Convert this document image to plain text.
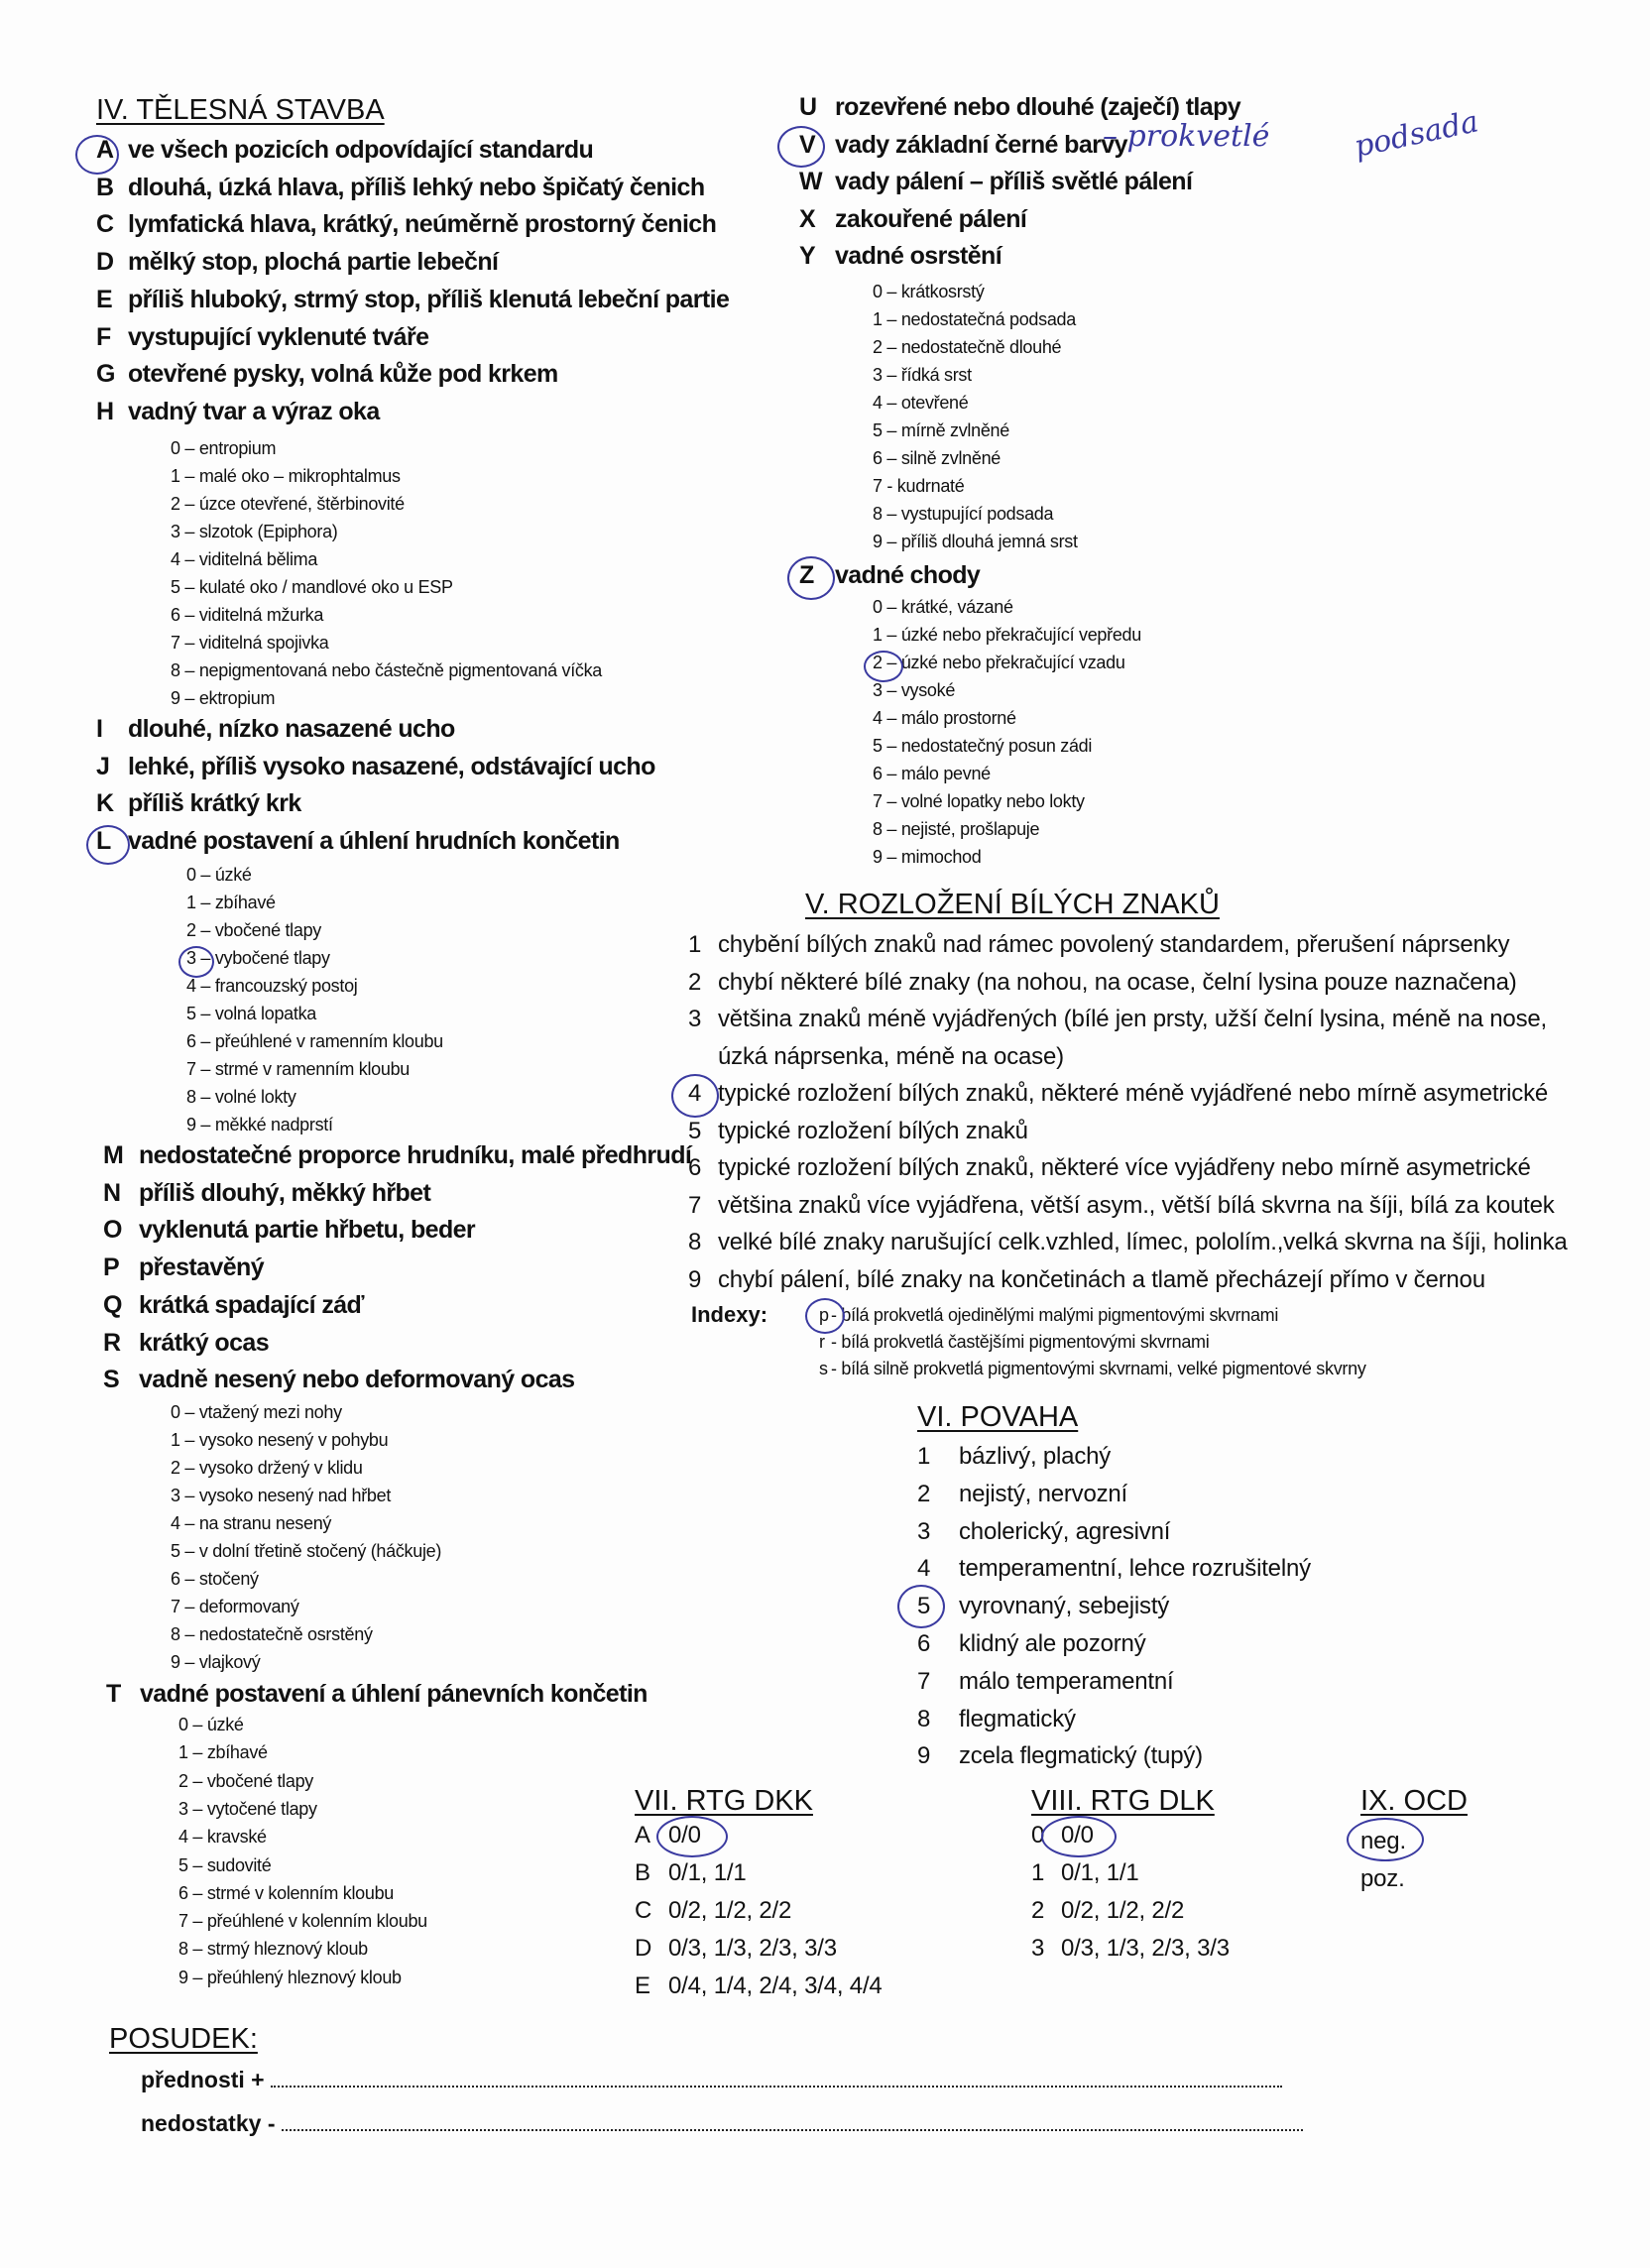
IV. TĚLESNÁ STAVBA
A ve všech pozicích odpovídající standardu
B dlouhá, úzká hlava, příliš lehký nebo špičatý čenich
C lymfatická hlava, krátký, neúměrně prostorný čenich
D mělký stop, plochá partie lebeční
E příliš hluboký, strmý stop, příliš klenutá lebeční partie
F vystupující vyklenuté tváře
G otevřené pysky, volná kůže pod krkem
H vadný tvar a výraz oka
0 – entropium
1 – malé oko – mikrophtalmus
2 – úzce otevřené, štěrbinovité
3 – slzotok (Epiphora)
4 – viditelná bělima
5 – kulaté oko / mandlové oko u ESP
6 – viditelná mžurka
7 – viditelná spojivka
8 – nepigmentovaná nebo částečně pigmentovaná víčka
9 – ektropium
I dlouhé, nízko nasazené ucho
J lehké, příliš vysoko nasazené, odstávající ucho
K příliš krátký krk
L vadné postavení a úhlení hrudních končetin
0 – úzké
1 – zbíhavé
2 – vbočené tlapy
3 – vybočené tlapy
4 – francouzský postoj
5 – volná lopatka
6 – přeúhlené v ramenním kloubu
7 – strmé v ramenním kloubu
8 – volné lokty
9 – měkké nadprstí
M nedostatečné proporce hrudníku, malé předhrudí
N příliš dlouhý, měkký hřbet
O vyklenutá partie hřbetu, beder
P přestavěný
Q krátká spadající záď
R krátký ocas
S vadně nesený nebo deformovaný ocas
0 – vtažený mezi nohy
1 – vysoko nesený v pohybu
2 – vysoko držený v klidu
3 – vysoko nesený nad hřbet
4 – na stranu nesený
5 – v dolní třetině stočený (háčkuje)
6 – stočený
7 – deformovaný
8 – nedostatečně osrstěný
9 – vlajkový
T vadné postavení a úhlení pánevních končetin
0 – úzké
1 – zbíhavé
2 – vbočené tlapy
3 – vytočené tlapy
4 – kravské
5 – sudovité
6 – strmé v kolenním kloubu
7 – přeúhlené v kolenním kloubu
8 – strmý hleznový kloub
9 – přeúhlený hleznový kloub
U rozevřené nebo dlouhé (zaječí) tlapy
V vady základní černé barvy
W vady pálení – příliš světlé pálení
X zakouřené pálení
Y vadné osrstění
0 – krátkosrstý
1 – nedostatečná podsada
2 – nedostatečně dlouhé
3 – řídká srst
4 – otevřené
5 – mírně zvlněné
6 – silně zvlněné
7 - kudrnaté
8 – vystupující podsada
9 – příliš dlouhá jemná srst
Z vadné chody
0 – krátké, vázané
1 – úzké nebo překračující vepředu
2 – úzké nebo překračující vzadu
3 – vysoké
4 – málo prostorné
5 – nedostatečný posun zádi
6 – málo pevné
7 – volné lopatky nebo lokty
8 – nejisté, prošlapuje
9 – mimochod
V. ROZLOŽENÍ BÍLÝCH ZNAKŮ
1 chybění bílých znaků nad rámec povolený standardem, přerušení náprsenky
2 chybí některé bílé znaky (na nohou, na ocase, čelní lysina pouze naznačena)
3 většina znaků méně vyjádřených (bílé jen prsty, užší čelní lysina, méně na nose,
úzká náprsenka, méně na ocase)
4 typické rozložení bílých znaků, některé méně vyjádřené nebo mírně asymetrické
5 typické rozložení bílých znaků
6 typické rozložení bílých znaků, některé více vyjádřeny nebo mírně asymetrické
7 většina znaků více vyjádřena, větší asym., větší bílá skvrna na šíji, bílá za koutek
8 velké bílé znaky narušující celk.vzhled, límec, pololím.,velká skvrna na šíji, holinka
9 chybí pálení, bílé znaky na končetinách a tlamě přecházejí přímo v černou
Indexy:	p - bílá prokvetlá ojedinělými malými pigmentovými skvrnami
r - bílá prokvetlá častějšími pigmentovými skvrnami
s - bílá silně prokvetlá pigmentovými skvrnami, velké pigmentové skvrny
VI. POVAHA
1 bázlivý, plachý
2 nejistý, nervozní
3 cholerický, agresivní
4 temperamentní, lehce rozrušitelný
5 vyrovnaný, sebejistý
6 klidný ale pozorný
7 málo temperamentní
8 flegmatický
9 zcela flegmatický (tupý)
VII. RTG DKK
A 0/0
B 0/1, 1/1
C 0/2, 1/2, 2/2
D 0/3, 1/3, 2/3, 3/3
E 0/4, 1/4, 2/4, 3/4, 4/4
VIII. RTG DLK
0 0/0
1 0/1, 1/1
2 0/2, 1/2, 2/2
3 0/3, 1/3, 2/3, 3/3
IX. OCD
neg.
poz.
POSUDEK:
přednosti +
nedostatky -
– prokvetlé	podsada
